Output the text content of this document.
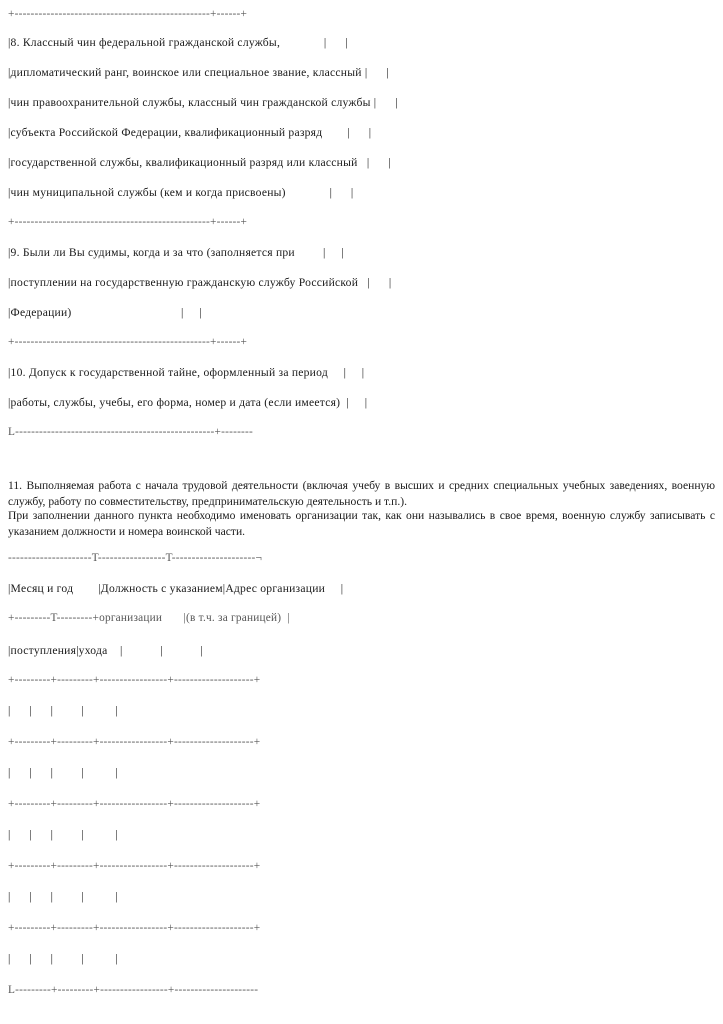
+-------------------------------------------------+------+
|8. Классный чин федеральной гражданской службы,              |      |
|дипломатический ранг, воинское или специальное звание, классный |      |
|чин правоохранительной службы, классный чин гражданской службы |      |
|субъекта Российской Федерации, квалификационный разряд        |      |
|государственной службы, квалификационный разряд или классный   |      |
|чин муниципальной службы (кем и когда присвоены)              |      |
+-------------------------------------------------+------+
|9. Были ли Вы судимы, когда и за что (заполняется при         |     |
|поступлении на государственную гражданскую службу Российской   |      |
|Федерации)                                   |     |
+-------------------------------------------------+------+
|10. Допуск к государственной тайне, оформленный за период     |     |
|работы, службы, учебы, его форма, номер и дата (если имеется)  |     |
L--------------------------------------------------+--------

11. Выполняемая работа с начала трудовой деятельности (включая учебу в высших и средних специальных учебных заведениях, военную службу, работу по совместительству, предпринимательскую деятельность и т.п.).

При заполнении данного пункта необходимо именовать организации так, как они назывались в свое время, военную службу записывать с указанием должности и номера воинской части.

---------------------T-----------------T---------------------¬
|Месяц и год        |Должность с указанием|Адрес организации     |
+---------T---------+организации       |(в т.ч. за границей)  |
|поступления|ухода    |            |            |
+---------+---------+-----------------+--------------------+
|      |      |         |          |
+---------+---------+-----------------+--------------------+
|      |      |         |          |
+---------+---------+-----------------+--------------------+
|      |      |         |          |
+---------+---------+-----------------+--------------------+
|      |      |         |          |
+---------+---------+-----------------+--------------------+
|      |      |         |          |
L---------+---------+-----------------+---------------------
